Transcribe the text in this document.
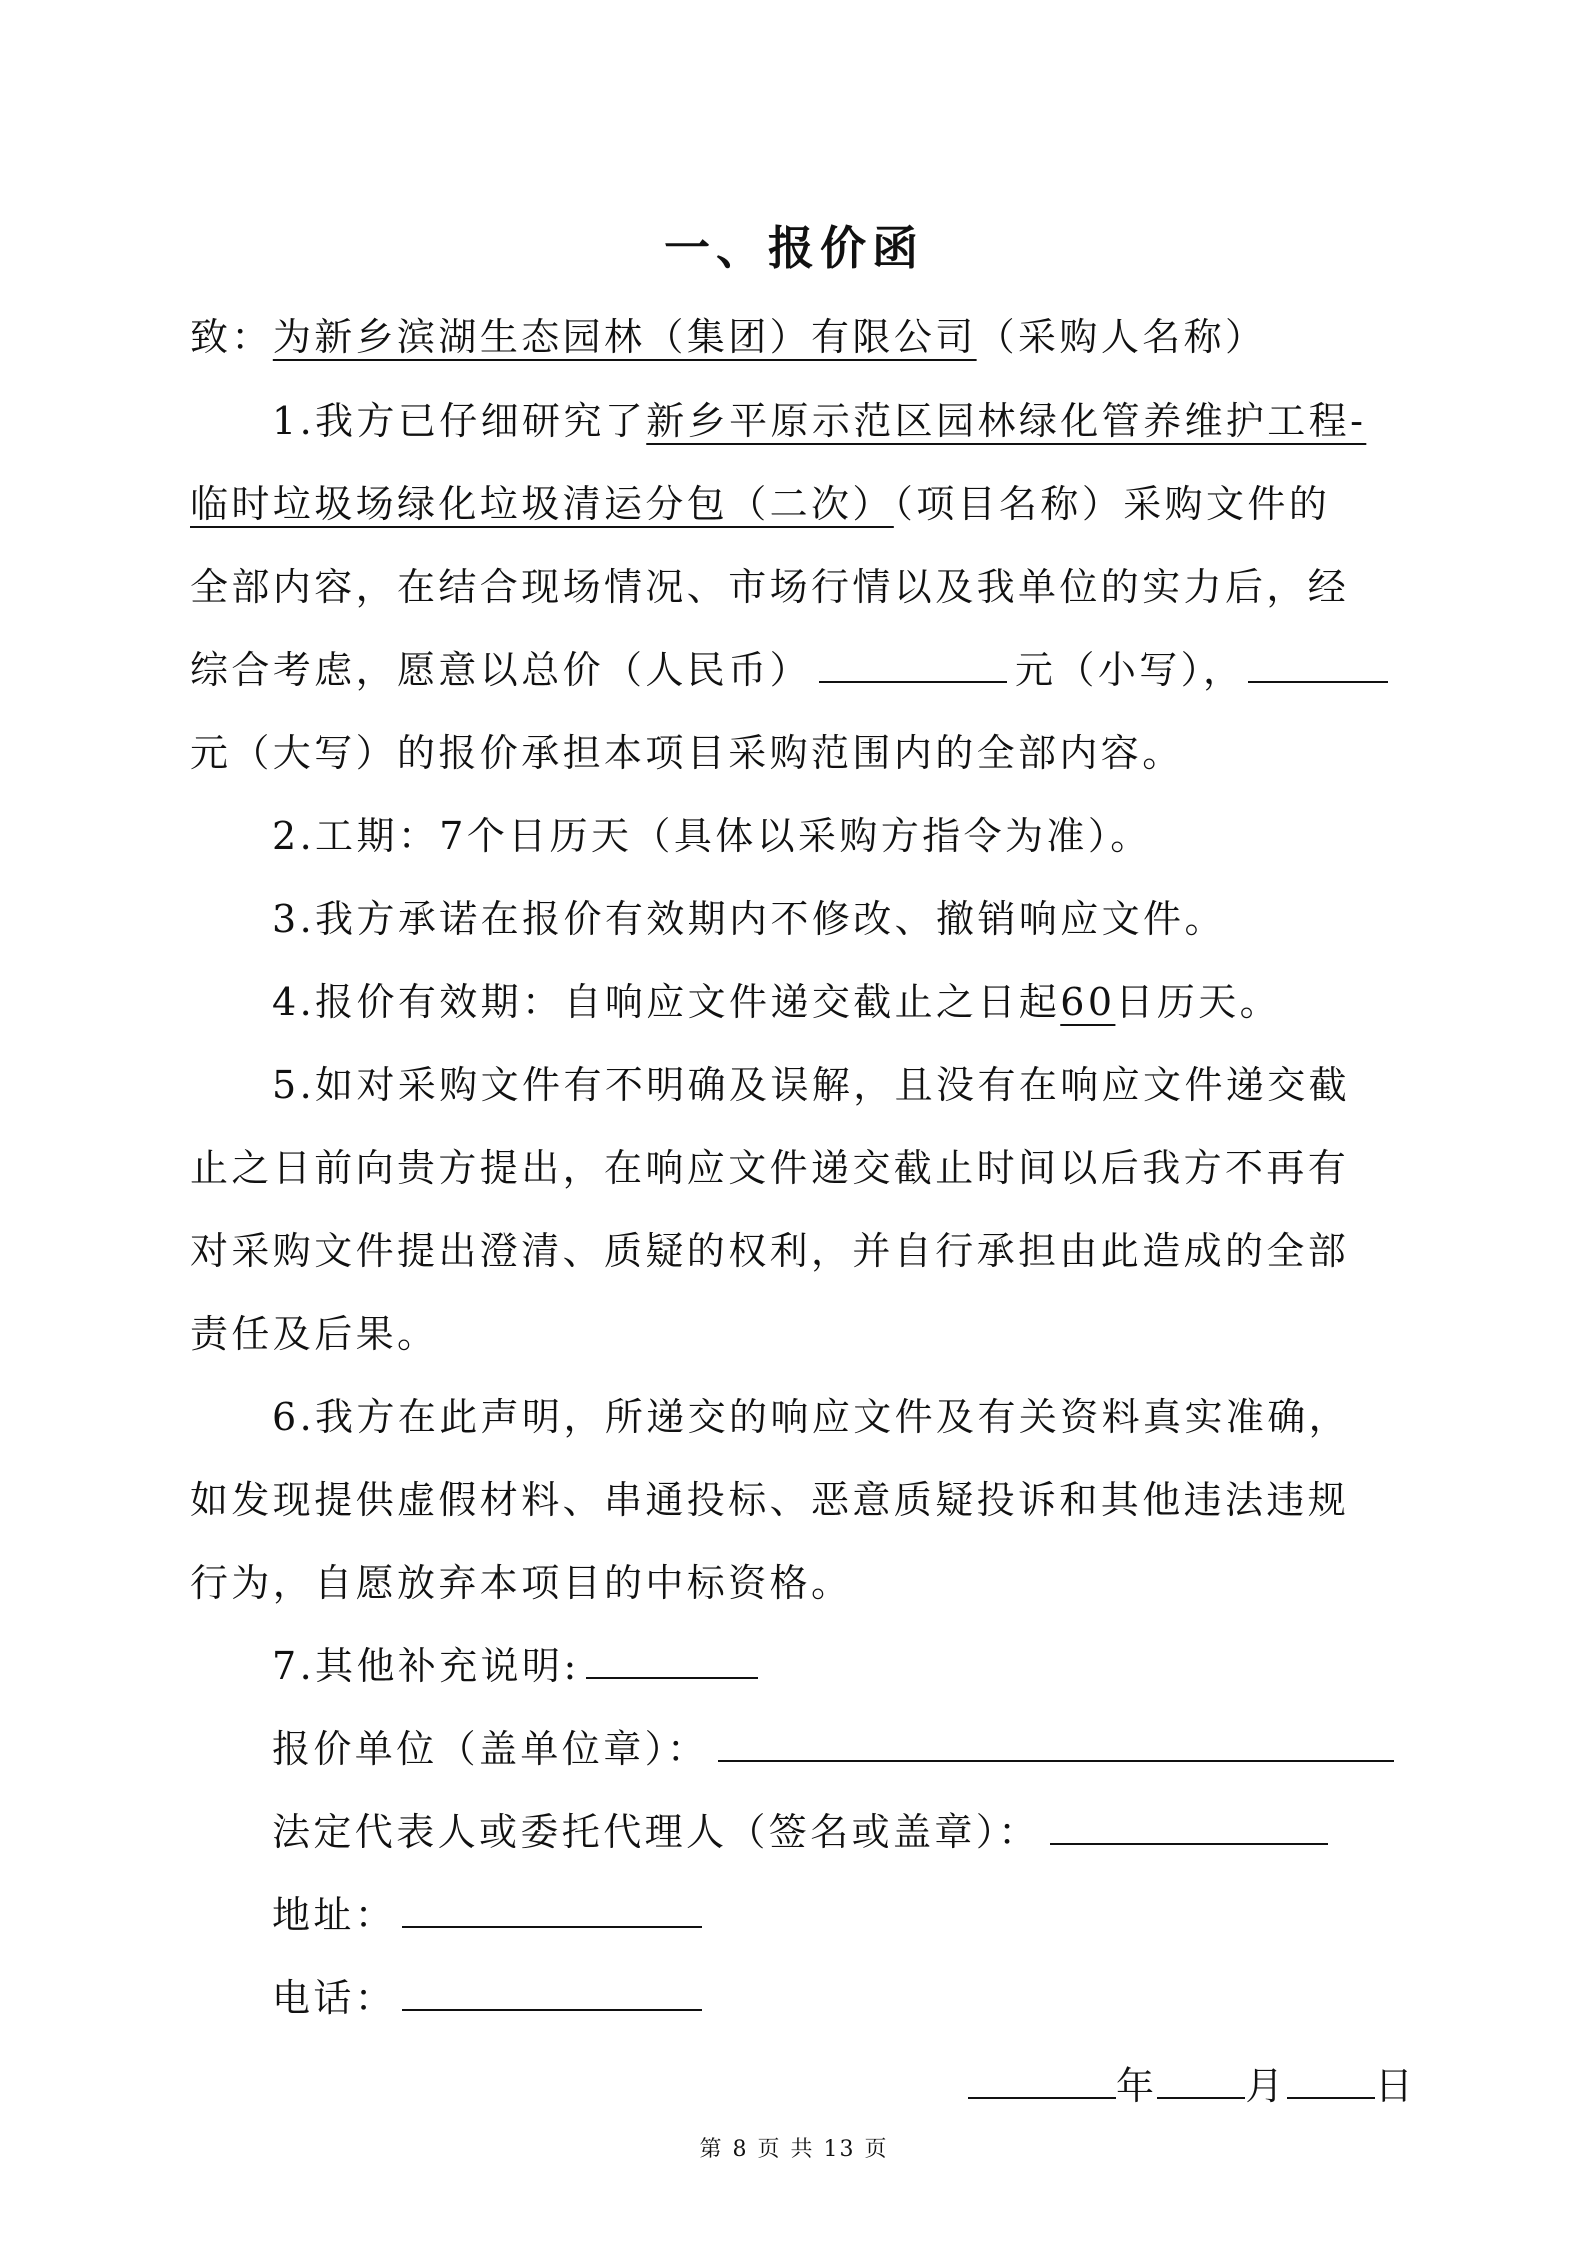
一、报价函
致：为新乡滨湖生态园林（集团）有限公司（采购人名称）
1.我方已仔细研究了新乡平原示范区园林绿化管养维护工程-
临时垃圾场绿化垃圾清运分包（二次）（项目名称）采购文件的
全部内容，在结合现场情况、市场行情以及我单位的实力后，经
综合考虑，愿意以总价（人民币）	元（小写），
元（大写）的报价承担本项目采购范围内的全部内容。
2.工期：7个日历天（具体以采购方指令为准）。
3.我方承诺在报价有效期内不修改、撤销响应文件。
4.报价有效期：自响应文件递交截止之日起60日历天。
5.如对采购文件有不明确及误解，且没有在响应文件递交截
止之日前向贵方提出，在响应文件递交截止时间以后我方不再有
对采购文件提出澄清、质疑的权利，并自行承担由此造成的全部
责任及后果。
6.我方在此声明，所递交的响应文件及有关资料真实准确，
如发现提供虚假材料、串通投标、恶意质疑投诉和其他违法违规
行为，自愿放弃本项目的中标资格。
7.其他补充说明:
报价单位（盖单位章）：
法定代表人或委托代理人（签名或盖章）：
地址：
电话：
年 月 日
第 8 页 共 13 页
